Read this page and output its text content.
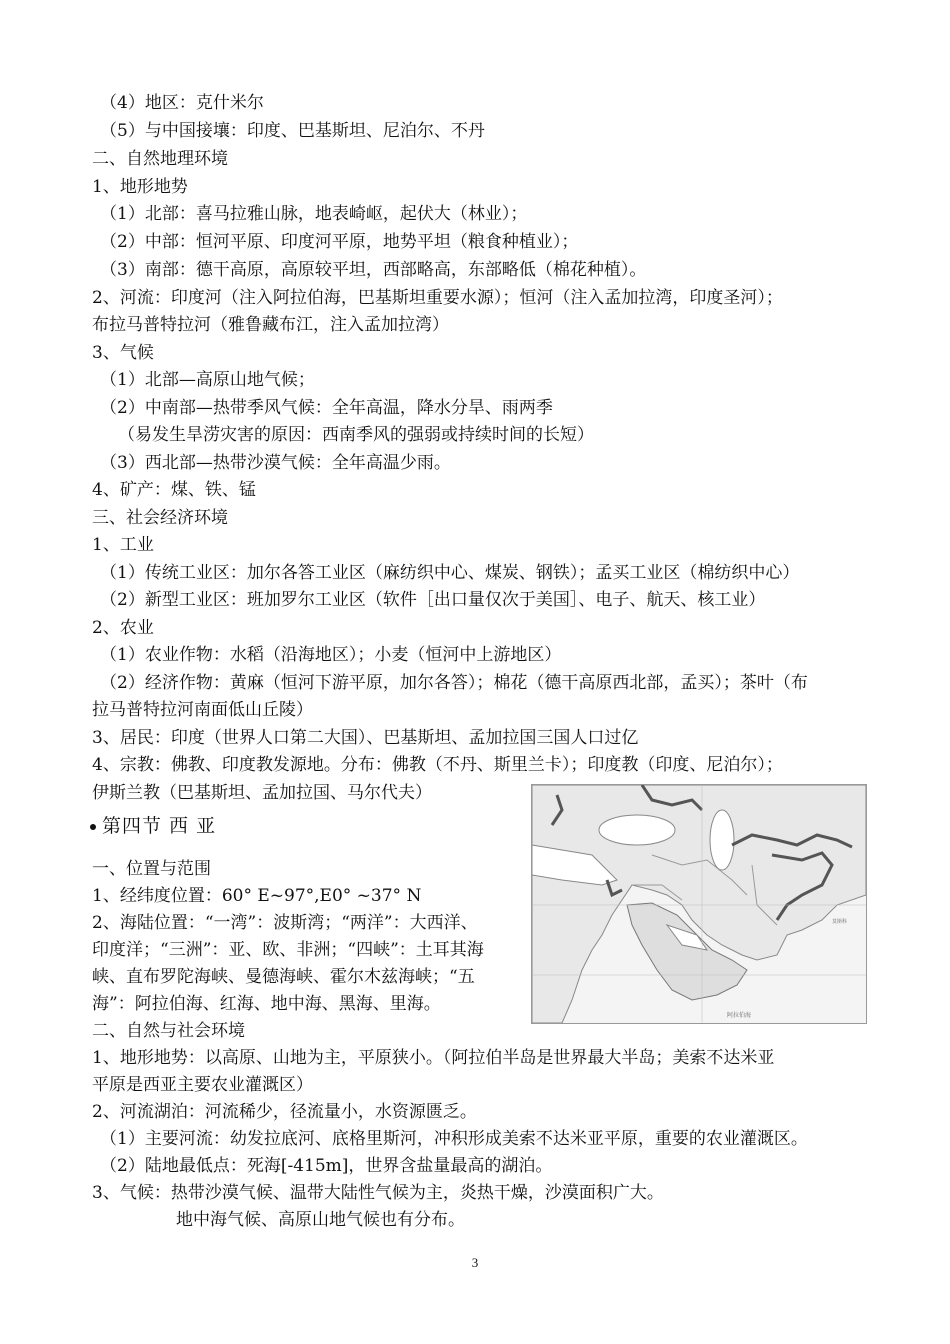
（4）地区：克什米尔
（5）与中国接壤：印度、巴基斯坦、尼泊尔、不丹
二、自然地理环境
1、地形地势
（1）北部：喜马拉雅山脉，地表崎岖，起伏大（林业）；
（2）中部：恒河平原、印度河平原，地势平坦（粮食种植业）；
（3）南部：德干高原，高原较平坦，西部略高，东部略低（棉花种植）。
2、河流：印度河（注入阿拉伯海，巴基斯坦重要水源）；恒河（注入孟加拉湾，印度圣河）；
布拉马普特拉河（雅鲁藏布江，注入孟加拉湾）
3、气候
（1）北部—高原山地气候；
（2）中南部—热带季风气候：全年高温，降水分旱、雨两季
（易发生旱涝灾害的原因：西南季风的强弱或持续时间的长短）
（3）西北部—热带沙漠气候：全年高温少雨。
4、矿产：煤、铁、锰
三、社会经济环境
1、工业
（1）传统工业区：加尔各答工业区（麻纺织中心、煤炭、钢铁）；孟买工业区（棉纺织中心）
（2）新型工业区：班加罗尔工业区（软件［出口量仅次于美国］、电子、航天、核工业）
2、农业
（1）农业作物：水稻（沿海地区）；小麦（恒河中上游地区）
（2）经济作物：黄麻（恒河下游平原，加尔各答）；棉花（德干高原西北部，孟买）；茶叶（布
拉马普特拉河南面低山丘陵）
3、居民：印度（世界人口第二大国）、巴基斯坦、孟加拉国三国人口过亿
4、宗教：佛教、印度教发源地。分布：佛教（不丹、斯里兰卡）；印度教（印度、尼泊尔）；
伊斯兰教（巴基斯坦、孟加拉国、马尔代夫）
第四节 西 亚
一、位置与范围
1、经纬度位置：60° E~97°,E0° ~37° N
2、海陆位置：“一湾”：波斯湾；“两洋”：大西洋、
印度洋；“三洲”：亚、欧、非洲；“四峡”：土耳其海
峡、直布罗陀海峡、曼德海峡、霍尔木兹海峡；“五
海”：阿拉伯海、红海、地中海、黑海、里海。
二、自然与社会环境
1、地形地势：以高原、山地为主，平原狭小。（阿拉伯半岛是世界最大半岛；美索不达米亚
平原是西亚主要农业灌溉区）
2、河流湖泊：河流稀少，径流量小，水资源匮乏。
（1）主要河流：幼发拉底河、底格里斯河，冲积形成美索不达米亚平原，重要的农业灌溉区。
（2）陆地最低点：死海[-415m]，世界含盐量最高的湖泊。
3、气候：热带沙漠气候、温带大陆性气候为主，炎热干燥，沙漠面积广大。
地中海气候、高原山地气候也有分布。
莫斯科
阿拉伯海
3
